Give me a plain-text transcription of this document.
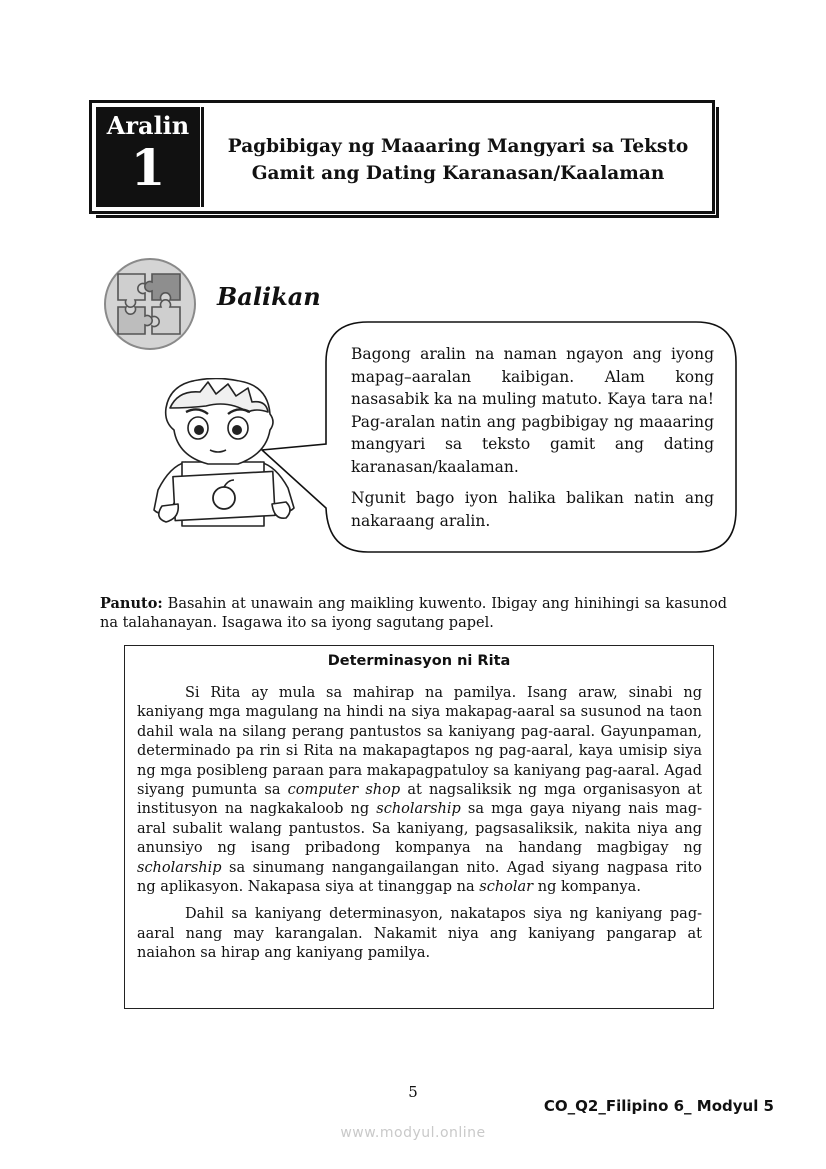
Aralin
1	Pagbibigay ng Maaaring Mangyari sa Teksto
Gamit ang Dating Karanasan/Kaalaman
Balikan

Bagong aralin na naman ngayon ang iyong mapag–aaralan kaibigan. Alam kong nasasabik ka na muling matuto. Kaya tara na! Pag-aralan natin ang pagbibigay ng maaaring mangyari sa teksto gamit ang dating karanasan/kaalaman.

Ngunit bago iyon halika balikan natin ang nakaraang aralin.

Panuto: Basahin at unawain ang maikling kuwento. Ibigay ang hinihingi sa kasunod na talahanayan. Isagawa ito sa iyong sagutang papel.
Determinasyon ni Rita

Si Rita ay mula sa mahirap na pamilya. Isang araw, sinabi ng kaniyang mga magulang na hindi na siya makapag-aaral sa susunod na taon dahil wala na silang perang pantustos sa kaniyang pag-aaral. Gayunpaman, determinado pa rin si Rita na makapagtapos ng pag-aaral, kaya umisip siya ng mga posibleng paraan para makapagpatuloy sa kaniyang pag-aaral. Agad siyang pumunta sa computer shop at nagsaliksik ng mga organisasyon at institusyon na nagkakaloob ng scholarship sa mga gaya niyang nais mag-aral subalit walang pantustos. Sa kaniyang, pagsasaliksik, nakita niya ang anunsiyo ng isang pribadong kompanya na handang magbigay ng scholarship sa sinumang nangangailangan nito. Agad siyang nagpasa rito ng aplikasyon. Nakapasa siya at tinanggap na scholar ng kompanya.

Dahil sa kaniyang determinasyon, nakatapos siya ng kaniyang pag-aaral nang may karangalan. Nakamit niya ang kaniyang pangarap at naiahon sa hirap ang kaniyang pamilya.

5
CO_Q2_Filipino 6_ Modyul 5
www.modyul.online
